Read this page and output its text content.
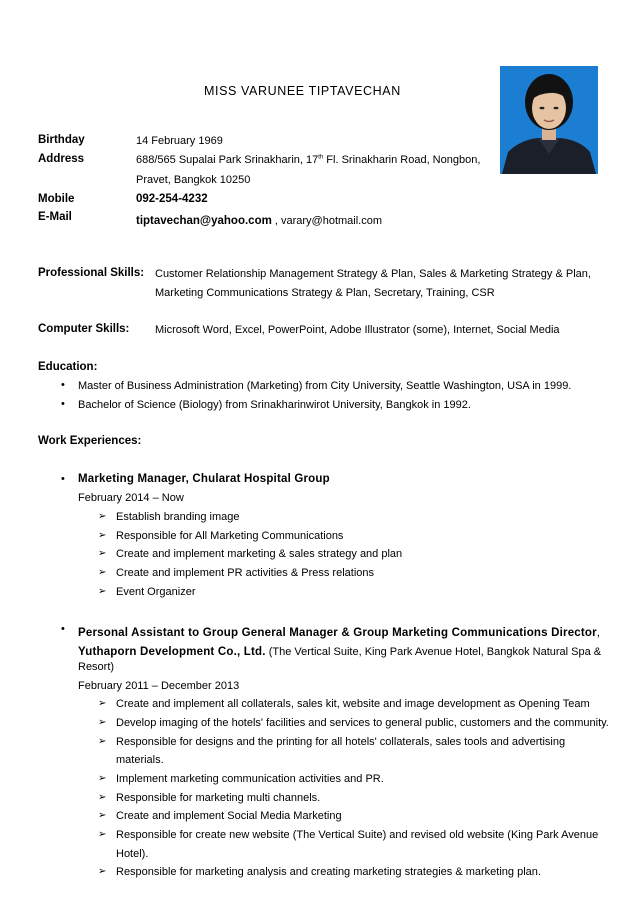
MISS VARUNEE TIPTAVECHAN
Birthday	14 February 1969
Address	688/565 Supalai Park Srinakharin, 17th Fl. Srinakharin Road, Nongbon,
Pravet, Bangkok 10250
Mobile	092-254-4232
E-Mail	tiptavechan@yahoo.com , varary@hotmail.com
Professional Skills: Customer Relationship Management Strategy & Plan, Sales & Marketing Strategy & Plan,
Marketing Communications Strategy & Plan, Secretary, Training, CSR
Computer Skills: Microsoft Word, Excel, PowerPoint, Adobe Illustrator (some), Internet, Social Media
Education:
•
Master of Business Administration (Marketing) from City University, Seattle Washington, USA in 1999.
•
Bachelor of Science (Biology) from Srinakharinwirot University, Bangkok in 1992.
Work Experiences:
•
Marketing Manager, Chularat Hospital Group
February 2014 – Now
➢ Establish branding image
➢ Responsible for All Marketing Communications
➢ Create and implement marketing & sales strategy and plan
➢ Create and implement PR activities & Press relations
➢ Event Organizer
•
Personal Assistant to Group General Manager & Group Marketing Communications Director,
Yuthaporn Development Co., Ltd. (The Vertical Suite, King Park Avenue Hotel, Bangkok Natural Spa &
Resort)
February 2011 – December 2013
➢ Create and implement all collaterals, sales kit, website and image development as Opening Team
➢ Develop imaging of the hotels' facilities and services to general public, customers and the community.
➢ Responsible for designs and the printing for all hotels' collaterals, sales tools and advertising
materials.
➢ Implement marketing communication activities and PR.
➢ Responsible for marketing multi channels.
➢ Create and implement Social Media Marketing
➢ Responsible for create new website (The Vertical Suite) and revised old website (King Park Avenue
Hotel).
➢ Responsible for marketing analysis and creating marketing strategies & marketing plan.
